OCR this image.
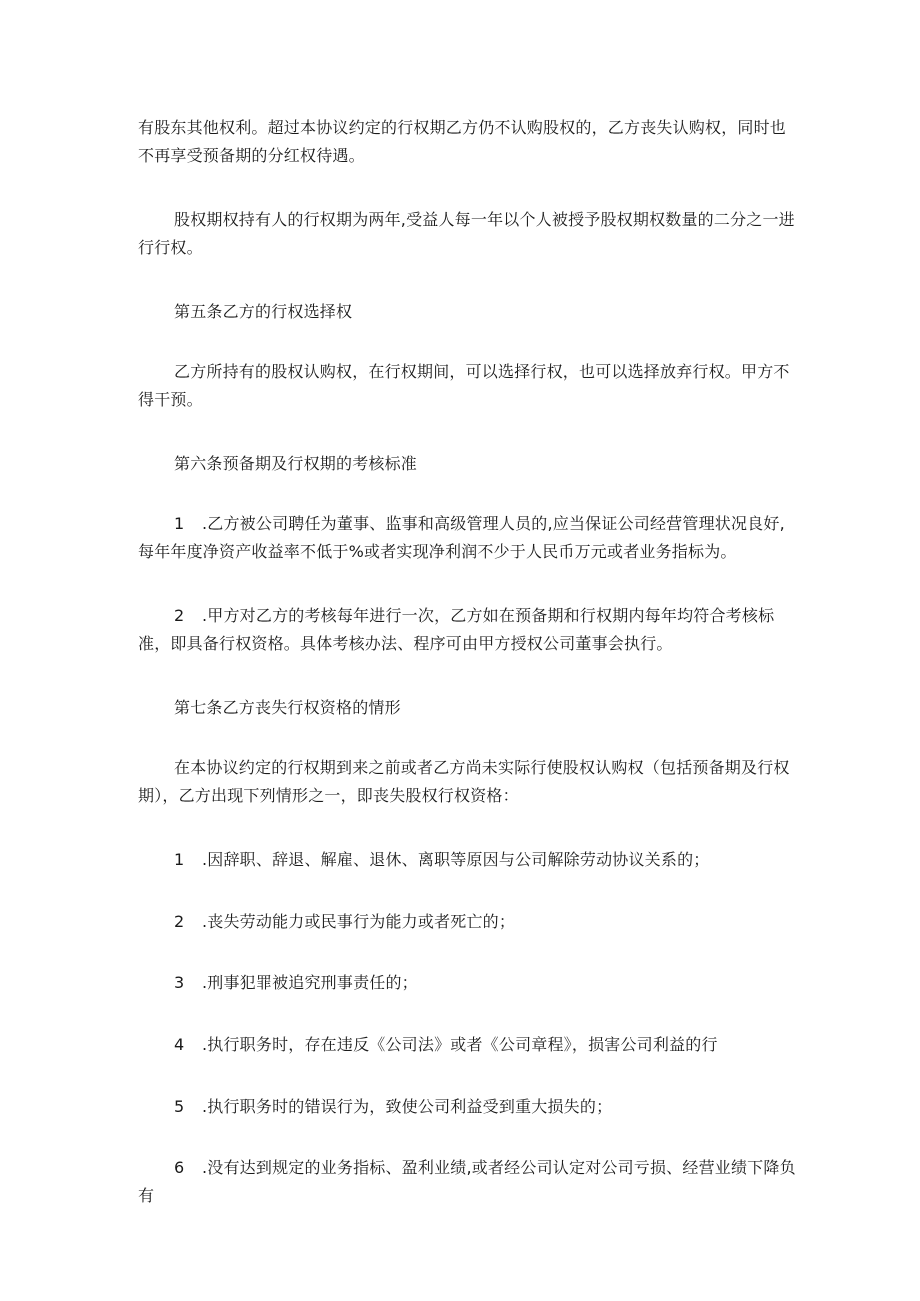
有股东其他权利。超过本协议约定的行权期乙方仍不认购股权的，乙方丧失认购权，同时也不再享受预备期的分红权待遇。

股权期权持有人的行权期为两年,受益人每一年以个人被授予股权期权数量的二分之一进行行权。

第五条乙方的行权选择权

乙方所持有的股权认购权，在行权期间，可以选择行权，也可以选择放弃行权。甲方不得干预。

第六条预备期及行权期的考核标准

1 .乙方被公司聘任为董事、监事和高级管理人员的,应当保证公司经营管理状况良好,每年年度净资产收益率不低于%或者实现净利润不少于人民币万元或者业务指标为。

2 .甲方对乙方的考核每年进行一次，乙方如在预备期和行权期内每年均符合考核标准，即具备行权资格。具体考核办法、程序可由甲方授权公司董事会执行。

第七条乙方丧失行权资格的情形

在本协议约定的行权期到来之前或者乙方尚未实际行使股权认购权（包括预备期及行权期），乙方出现下列情形之一，即丧失股权行权资格：

1 .因辞职、辞退、解雇、退休、离职等原因与公司解除劳动协议关系的；

2 .丧失劳动能力或民事行为能力或者死亡的；

3 .刑事犯罪被追究刑事责任的；

4 .执行职务时，存在违反《公司法》或者《公司章程》，损害公司利益的行

5 .执行职务时的错误行为，致使公司利益受到重大损失的；

6 .没有达到规定的业务指标、盈利业绩,或者经公司认定对公司亏损、经营业绩下降负有
